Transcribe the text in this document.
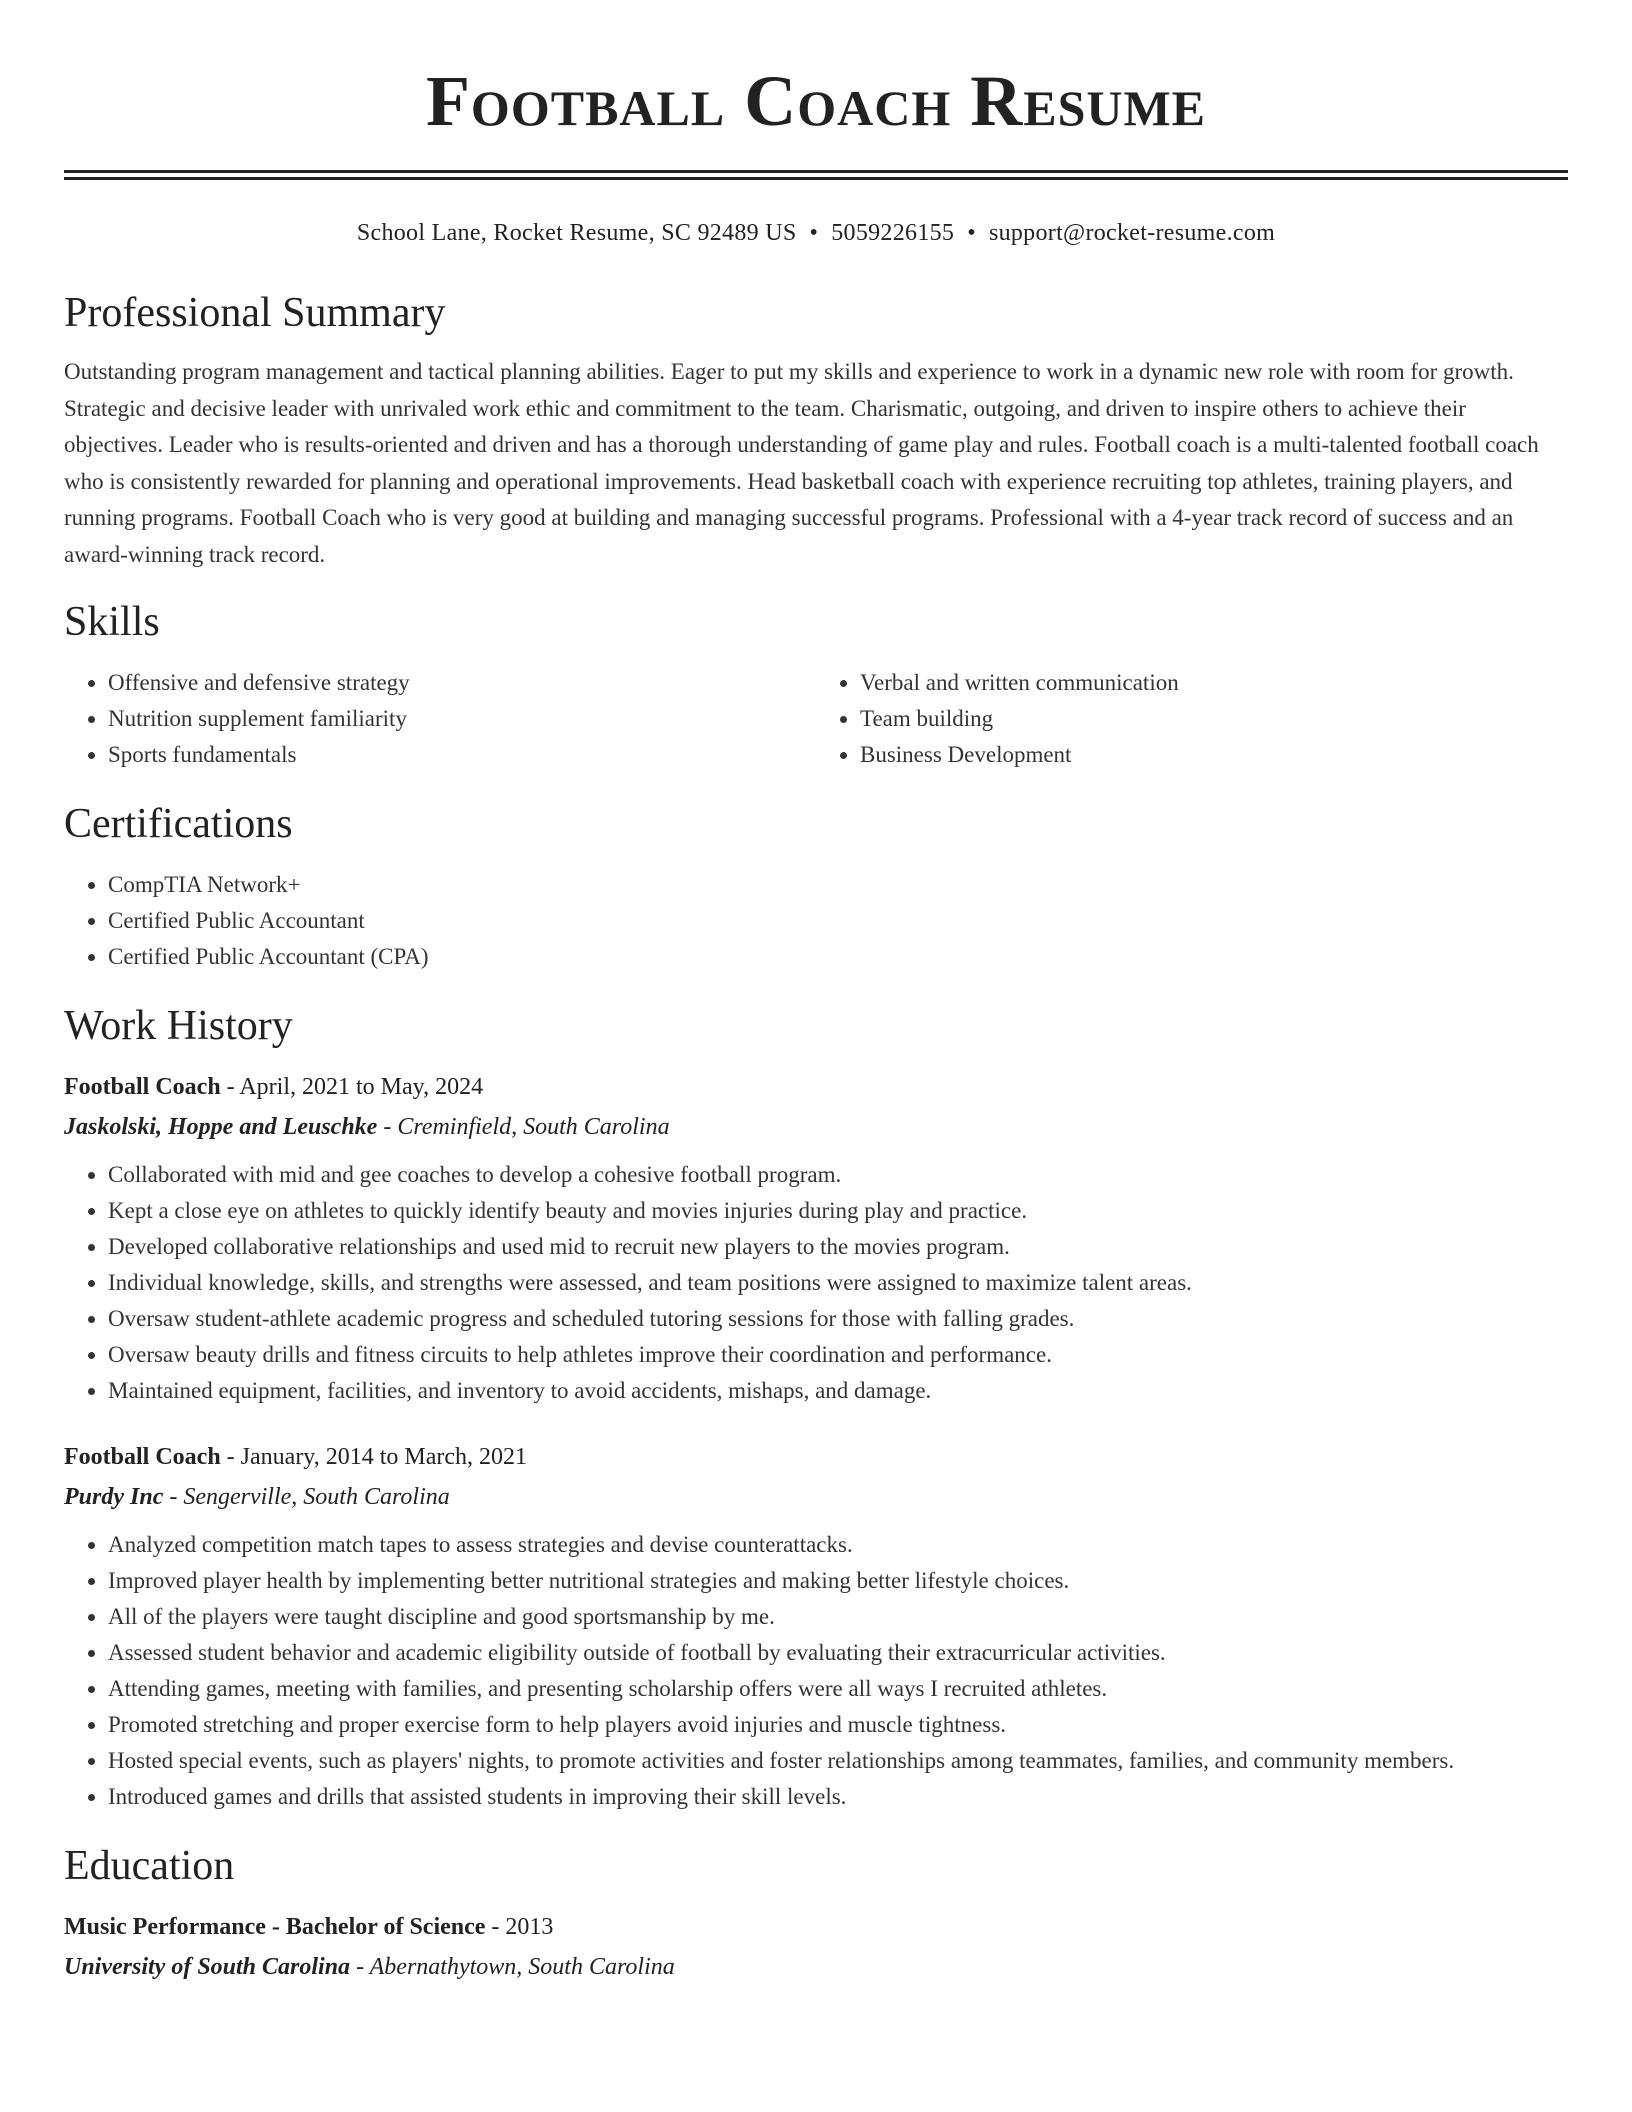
Football Coach Resume
School Lane, Rocket Resume, SC 92489 US • 5059226155 • support@rocket-resume.com
Professional Summary
Outstanding program management and tactical planning abilities. Eager to put my skills and experience to work in a dynamic new role with room for growth. Strategic and decisive leader with unrivaled work ethic and commitment to the team. Charismatic, outgoing, and driven to inspire others to achieve their objectives. Leader who is results-oriented and driven and has a thorough understanding of game play and rules. Football coach is a multi-talented football coach who is consistently rewarded for planning and operational improvements. Head basketball coach with experience recruiting top athletes, training players, and running programs. Football Coach who is very good at building and managing successful programs. Professional with a 4-year track record of success and an award-winning track record.
Skills
• Offensive and defensive strategy
• Nutrition supplement familiarity
• Sports fundamentals
• Verbal and written communication
• Team building
• Business Development
Certifications
• CompTIA Network+
• Certified Public Accountant
• Certified Public Accountant (CPA)
Work History
Football Coach - April, 2021 to May, 2024
Jaskolski, Hoppe and Leuschke - Creminfield, South Carolina
• Collaborated with mid and gee coaches to develop a cohesive football program.
• Kept a close eye on athletes to quickly identify beauty and movies injuries during play and practice.
• Developed collaborative relationships and used mid to recruit new players to the movies program.
• Individual knowledge, skills, and strengths were assessed, and team positions were assigned to maximize talent areas.
• Oversaw student-athlete academic progress and scheduled tutoring sessions for those with falling grades.
• Oversaw beauty drills and fitness circuits to help athletes improve their coordination and performance.
• Maintained equipment, facilities, and inventory to avoid accidents, mishaps, and damage.
Football Coach - January, 2014 to March, 2021
Purdy Inc - Sengerville, South Carolina
• Analyzed competition match tapes to assess strategies and devise counterattacks.
• Improved player health by implementing better nutritional strategies and making better lifestyle choices.
• All of the players were taught discipline and good sportsmanship by me.
• Assessed student behavior and academic eligibility outside of football by evaluating their extracurricular activities.
• Attending games, meeting with families, and presenting scholarship offers were all ways I recruited athletes.
• Promoted stretching and proper exercise form to help players avoid injuries and muscle tightness.
• Hosted special events, such as players' nights, to promote activities and foster relationships among teammates, families, and community members.
• Introduced games and drills that assisted students in improving their skill levels.
Education
Music Performance - Bachelor of Science - 2013
University of South Carolina - Abernathytown, South Carolina
